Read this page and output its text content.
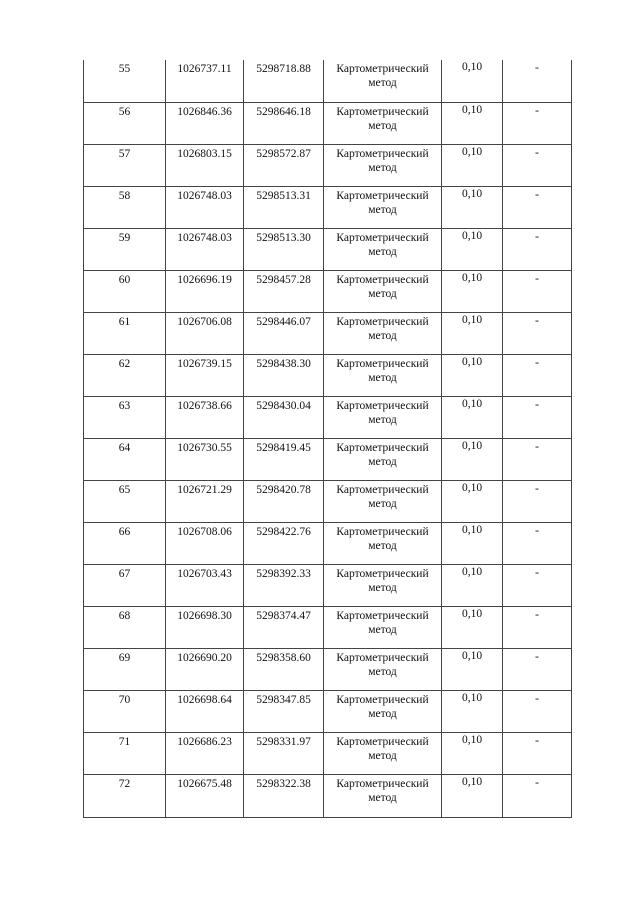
55	1026737.11	5298718.88	Картометрический
метод	0,10	-

56	1026846.36	5298646.18	Картометрический
метод	0,10	-

57	1026803.15	5298572.87	Картометрический
метод	0,10	-

58	1026748.03	5298513.31	Картометрический
метод	0,10	-

59	1026748.03	5298513.30	Картометрический
метод	0,10	-

60	1026696.19	5298457.28	Картометрический
метод	0,10	-

61	1026706.08	5298446.07	Картометрический
метод	0,10	-

62	1026739.15	5298438.30	Картометрический
метод	0,10	-

63	1026738.66	5298430.04	Картометрический
метод	0,10	-

64	1026730.55	5298419.45	Картометрический
метод	0,10	-

65	1026721.29	5298420.78	Картометрический
метод	0,10	-

66	1026708.06	5298422.76	Картометрический
метод	0,10	-

67	1026703.43	5298392.33	Картометрический
метод	0,10	-

68	1026698.30	5298374.47	Картометрический
метод	0,10	-

69	1026690.20	5298358.60	Картометрический
метод	0,10	-

70	1026698.64	5298347.85	Картометрический
метод	0,10	-

71	1026686.23	5298331.97	Картометрический
метод	0,10	-

72	1026675.48	5298322.38	Картометрический
метод	0,10	-
